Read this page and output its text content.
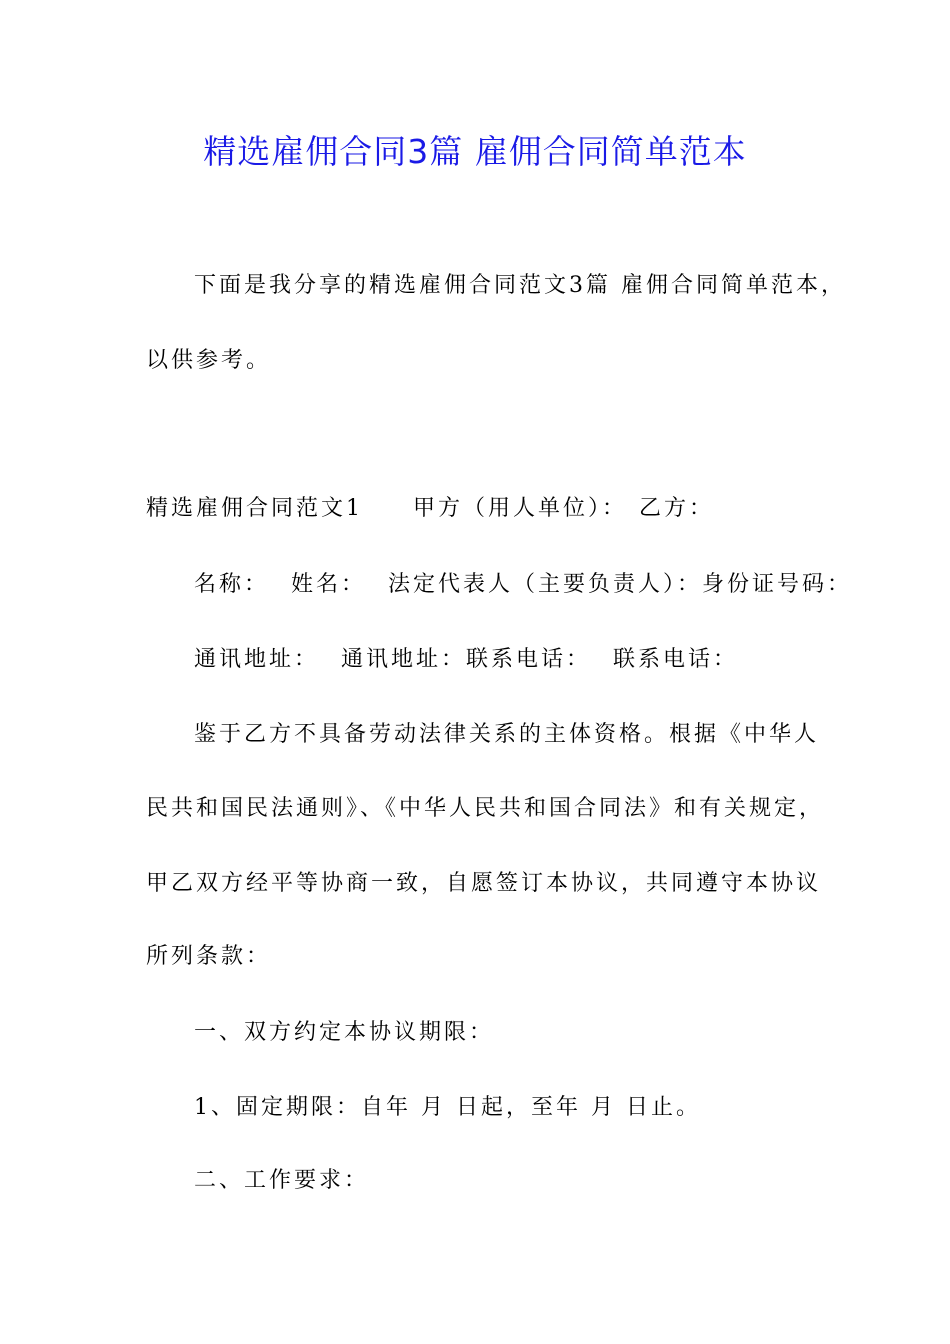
精选雇佣合同3篇 雇佣合同简单范本
下面是我分享的精选雇佣合同范文3篇 雇佣合同简单范本，
以供参考。
精选雇佣合同范文1 甲方（用人单位）： 乙方：
名称： 姓名： 法定代表人（主要负责人）：身份证号码：
通讯地址： 通讯地址：联系电话： 联系电话：
鉴于乙方不具备劳动法律关系的主体资格。根据《中华人
民共和国民法通则》、《中华人民共和国合同法》和有关规定，
甲乙双方经平等协商一致，自愿签订本协议，共同遵守本协议
所列条款：
一、双方约定本协议期限：
1、固定期限：自年 月 日起，至年 月 日止。
二、工作要求：
